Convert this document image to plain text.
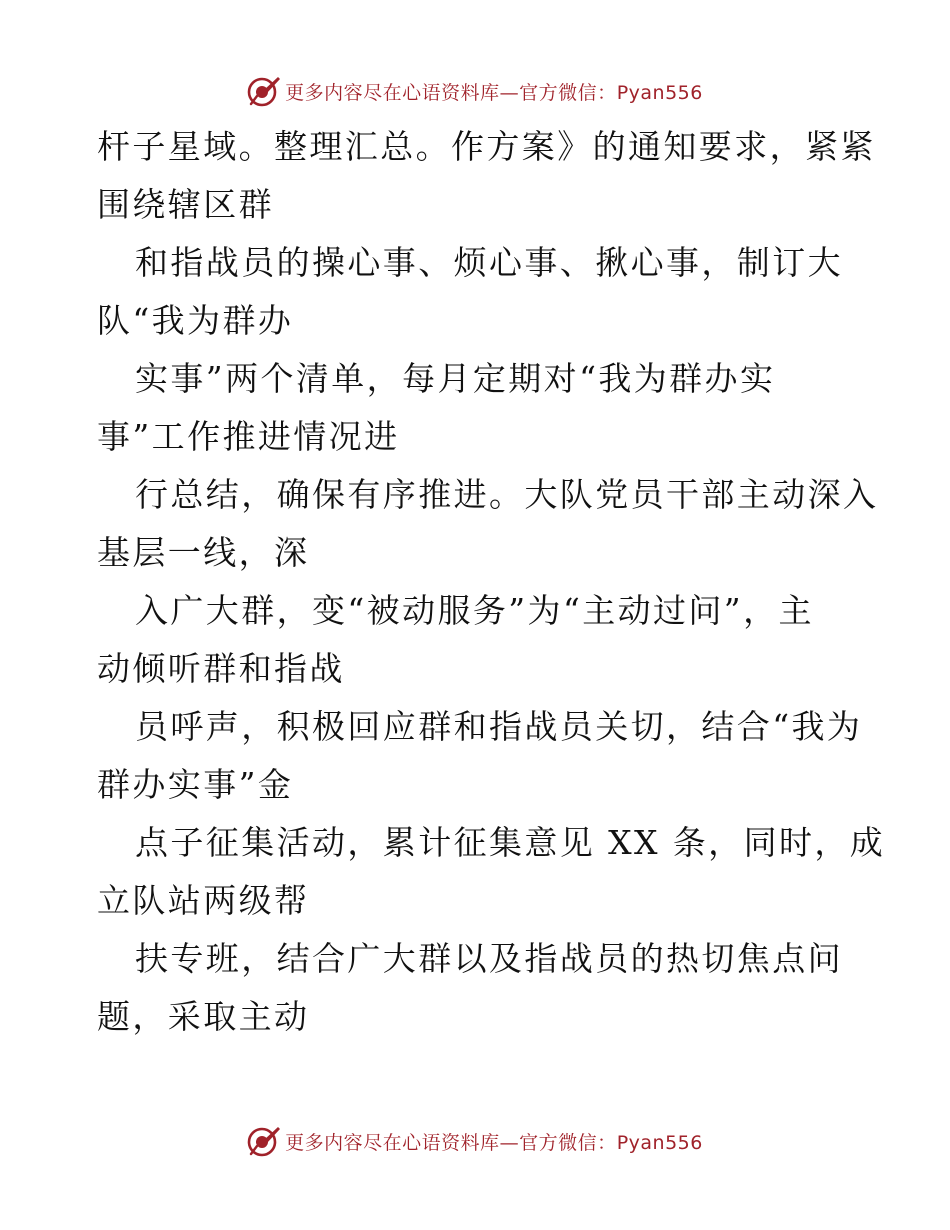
更多内容尽在心语资料库—官方微信：Pyan556
杆子星域。整理汇总。作方案》的通知要求，紧紧
围绕辖区群
和指战员的操心事、烦心事、揪心事，制订大
队“我为群办
实事”两个清单，每月定期对“我为群办实
事”工作推进情况进
行总结，确保有序推进。大队党员干部主动深入
基层一线，深
入广大群，变“被动服务”为“主动过问”，主
动倾听群和指战
员呼声，积极回应群和指战员关切，结合“我为
群办实事”金
点子征集活动，累计征集意见 XX 条，同时，成
立队站两级帮
扶专班，结合广大群以及指战员的热切焦点问
题，采取主动
更多内容尽在心语资料库—官方微信：Pyan556
